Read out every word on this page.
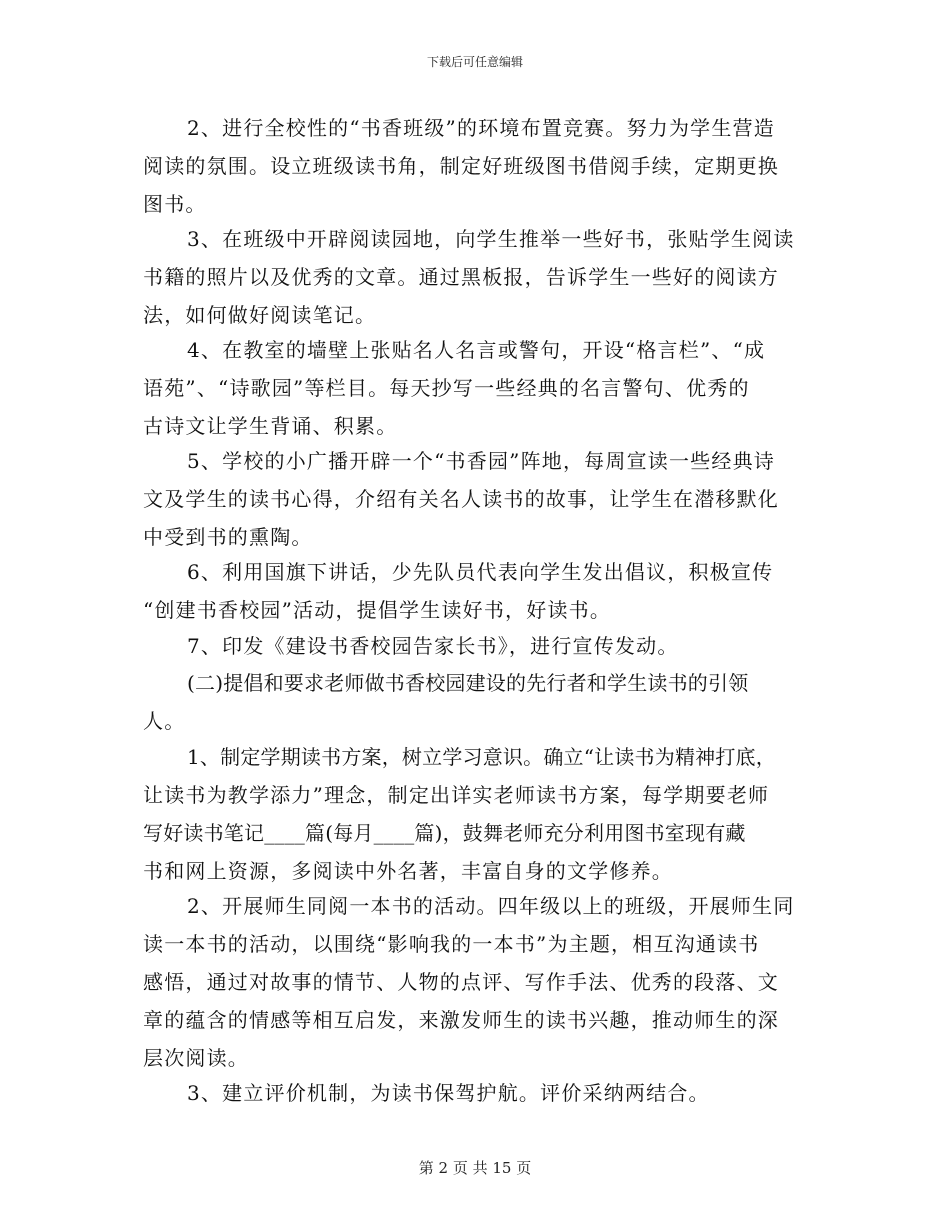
下载后可任意编辑
2、进行全校性的“书香班级”的环境布置竞赛。努力为学生营造
阅读的氛围。设立班级读书角，制定好班级图书借阅手续，定期更换
图书。
3、在班级中开辟阅读园地，向学生推举一些好书，张贴学生阅读
书籍的照片以及优秀的文章。通过黑板报，告诉学生一些好的阅读方
法，如何做好阅读笔记。
4、在教室的墙壁上张贴名人名言或警句，开设“格言栏”、“成
语苑”、“诗歌园”等栏目。每天抄写一些经典的名言警句、优秀的
古诗文让学生背诵、积累。
5、学校的小广播开辟一个“书香园”阵地，每周宣读一些经典诗
文及学生的读书心得，介绍有关名人读书的故事，让学生在潜移默化
中受到书的熏陶。
6、利用国旗下讲话，少先队员代表向学生发出倡议，积极宣传
“创建书香校园”活动，提倡学生读好书，好读书。
7、印发《建设书香校园告家长书》，进行宣传发动。
(二)提倡和要求老师做书香校园建设的先行者和学生读书的引领
人。
1、制定学期读书方案，树立学习意识。确立“让读书为精神打底，
让读书为教学添力”理念，制定出详实老师读书方案，每学期要老师
写好读书笔记____篇(每月____篇)，鼓舞老师充分利用图书室现有藏
书和网上资源，多阅读中外名著，丰富自身的文学修养。
2、开展师生同阅一本书的活动。四年级以上的班级，开展师生同
读一本书的活动，以围绕“影响我的一本书”为主题，相互沟通读书
感悟，通过对故事的情节、人物的点评、写作手法、优秀的段落、文
章的蕴含的情感等相互启发，来激发师生的读书兴趣，推动师生的深
层次阅读。
3、建立评价机制，为读书保驾护航。评价采纳两结合。
第 2 页 共 15 页
